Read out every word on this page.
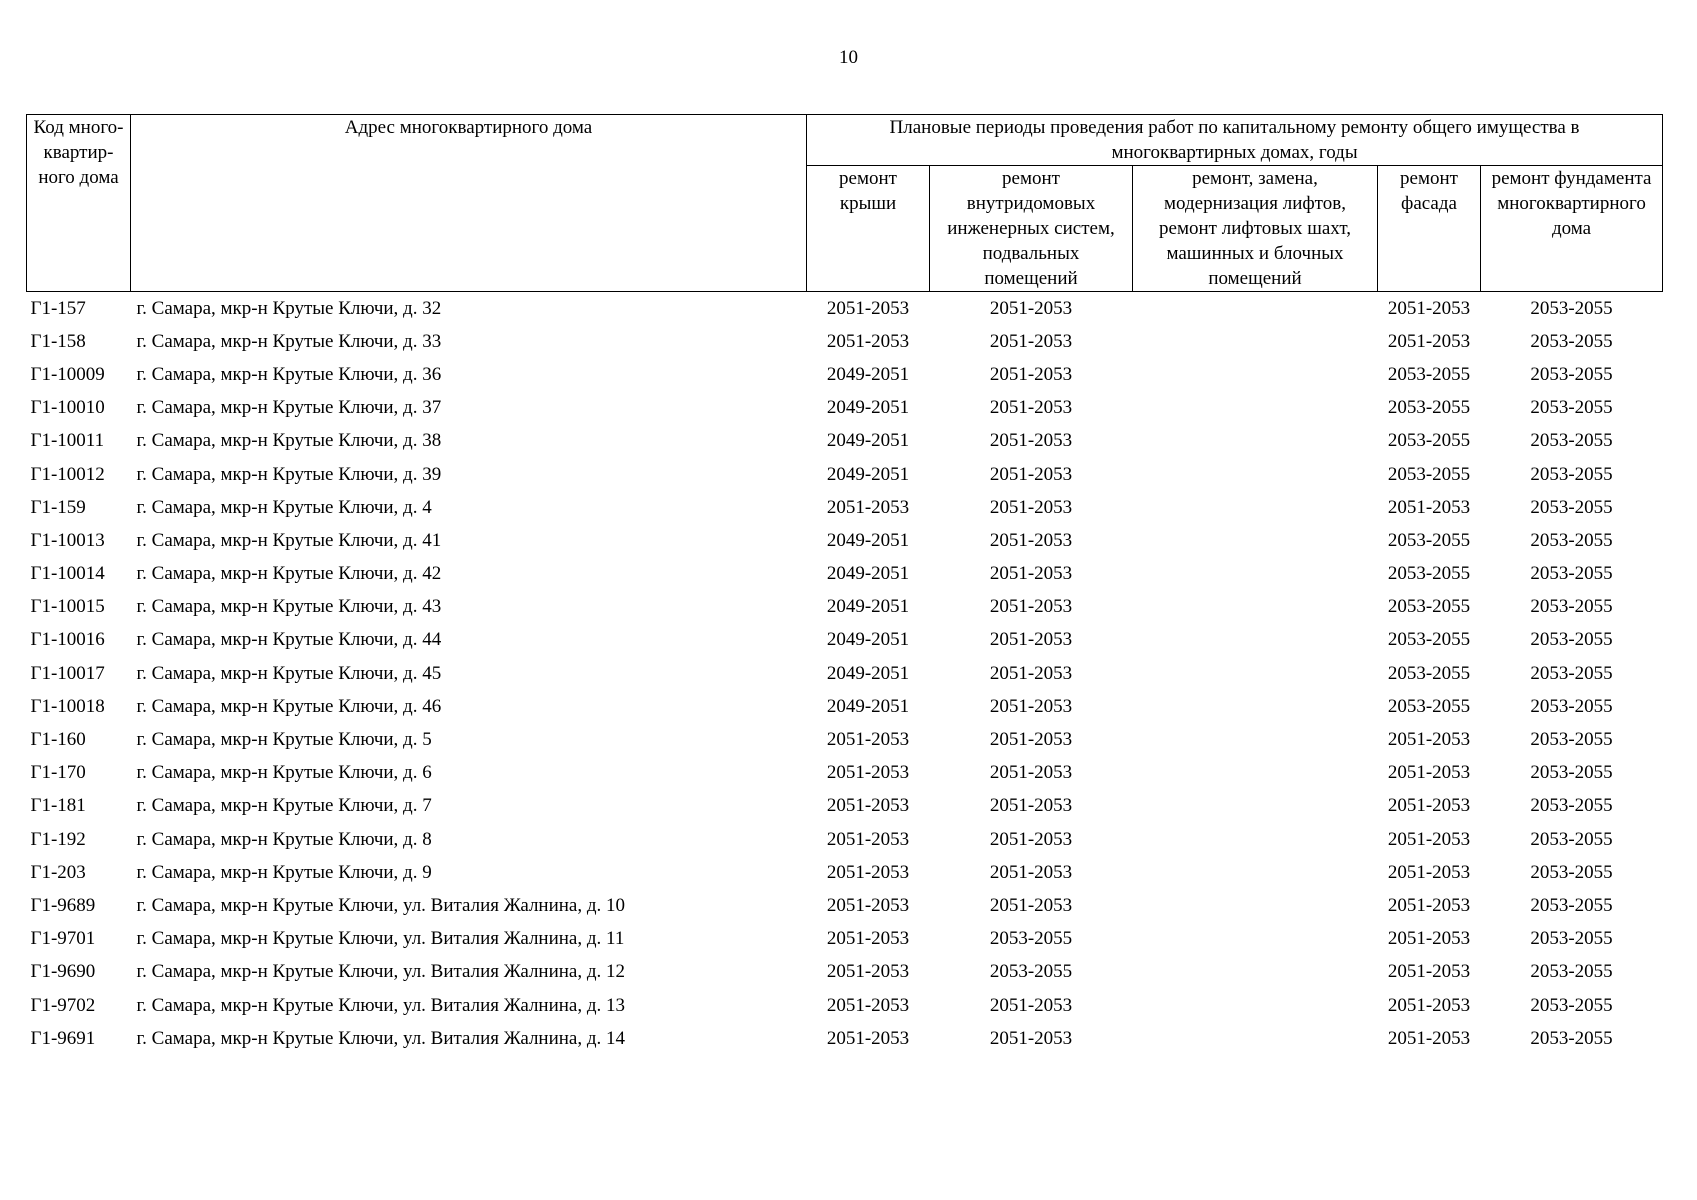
10
Код много-
квартир-
ного дома	Адрес многоквартирного дома	Плановые периоды проведения работ по капитальному ремонту общего имущества в
многоквартирных домах, годы				
		ремонт
крыши	ремонт
внутридомовых
инженерных систем,
подвальных
помещений	ремонт, замена,
модернизация лифтов,
ремонт лифтовых шахт,
машинных и блочных
помещений	ремонт
фасада	ремонт фундамента
многоквартирного
дома
Г1-157	г. Самара, мкр-н Крутые Ключи, д. 32	2051-2053	2051-2053		2051-2053	2053-2055
Г1-158	г. Самара, мкр-н Крутые Ключи, д. 33	2051-2053	2051-2053		2051-2053	2053-2055
Г1-10009	г. Самара, мкр-н Крутые Ключи, д. 36	2049-2051	2051-2053		2053-2055	2053-2055
Г1-10010	г. Самара, мкр-н Крутые Ключи, д. 37	2049-2051	2051-2053		2053-2055	2053-2055
Г1-10011	г. Самара, мкр-н Крутые Ключи, д. 38	2049-2051	2051-2053		2053-2055	2053-2055
Г1-10012	г. Самара, мкр-н Крутые Ключи, д. 39	2049-2051	2051-2053		2053-2055	2053-2055
Г1-159	г. Самара, мкр-н Крутые Ключи, д. 4	2051-2053	2051-2053		2051-2053	2053-2055
Г1-10013	г. Самара, мкр-н Крутые Ключи, д. 41	2049-2051	2051-2053		2053-2055	2053-2055
Г1-10014	г. Самара, мкр-н Крутые Ключи, д. 42	2049-2051	2051-2053		2053-2055	2053-2055
Г1-10015	г. Самара, мкр-н Крутые Ключи, д. 43	2049-2051	2051-2053		2053-2055	2053-2055
Г1-10016	г. Самара, мкр-н Крутые Ключи, д. 44	2049-2051	2051-2053		2053-2055	2053-2055
Г1-10017	г. Самара, мкр-н Крутые Ключи, д. 45	2049-2051	2051-2053		2053-2055	2053-2055
Г1-10018	г. Самара, мкр-н Крутые Ключи, д. 46	2049-2051	2051-2053		2053-2055	2053-2055
Г1-160	г. Самара, мкр-н Крутые Ключи, д. 5	2051-2053	2051-2053		2051-2053	2053-2055
Г1-170	г. Самара, мкр-н Крутые Ключи, д. 6	2051-2053	2051-2053		2051-2053	2053-2055
Г1-181	г. Самара, мкр-н Крутые Ключи, д. 7	2051-2053	2051-2053		2051-2053	2053-2055
Г1-192	г. Самара, мкр-н Крутые Ключи, д. 8	2051-2053	2051-2053		2051-2053	2053-2055
Г1-203	г. Самара, мкр-н Крутые Ключи, д. 9	2051-2053	2051-2053		2051-2053	2053-2055
Г1-9689	г. Самара, мкр-н Крутые Ключи, ул. Виталия Жалнина, д. 10	2051-2053	2051-2053		2051-2053	2053-2055
Г1-9701	г. Самара, мкр-н Крутые Ключи, ул. Виталия Жалнина, д. 11	2051-2053	2053-2055		2051-2053	2053-2055
Г1-9690	г. Самара, мкр-н Крутые Ключи, ул. Виталия Жалнина, д. 12	2051-2053	2053-2055		2051-2053	2053-2055
Г1-9702	г. Самара, мкр-н Крутые Ключи, ул. Виталия Жалнина, д. 13	2051-2053	2051-2053		2051-2053	2053-2055
Г1-9691	г. Самара, мкр-н Крутые Ключи, ул. Виталия Жалнина, д. 14	2051-2053	2051-2053		2051-2053	2053-2055
